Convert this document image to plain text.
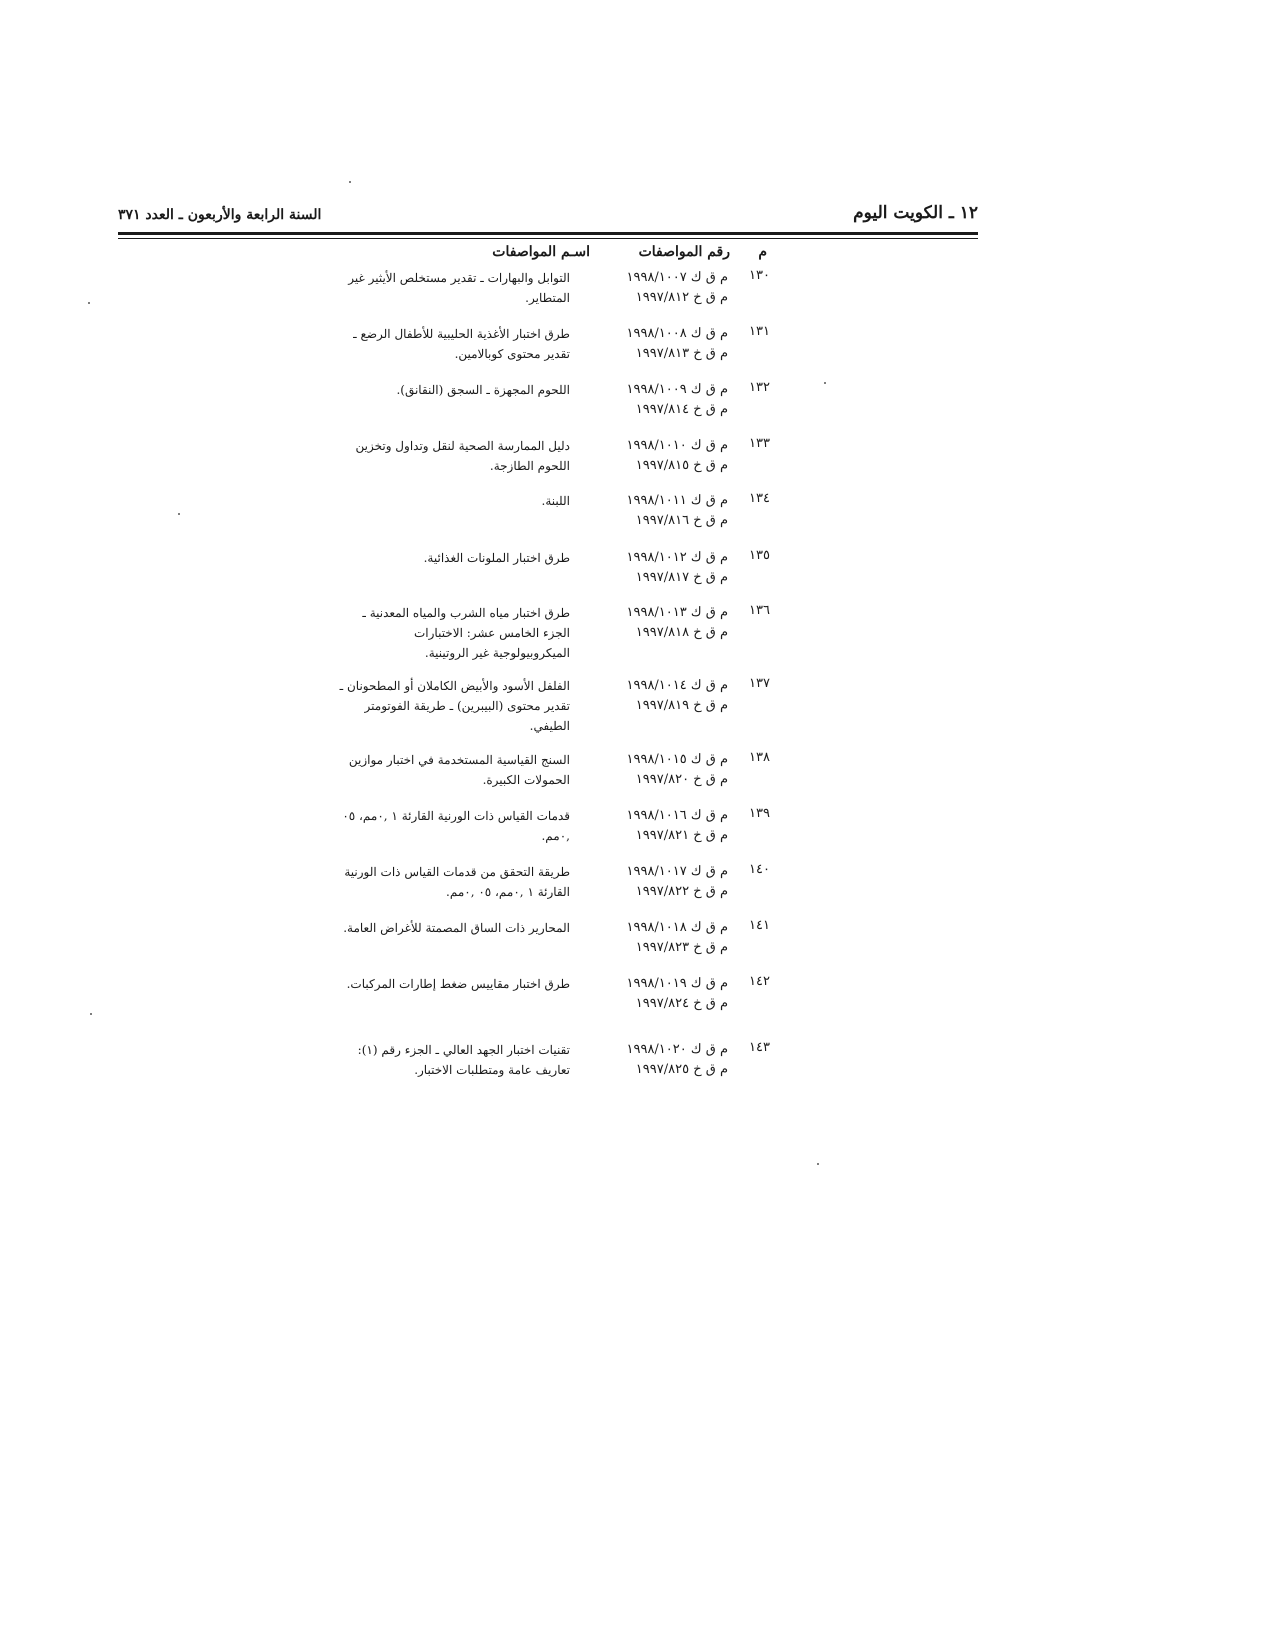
١٢ ـ الكويت اليوم
السنة الرابعة والأربعون ـ العدد ٣٧١
م
رقم المواصفات
اسـم المواصفات
١٣٠
م ق ك ١٩٩٨/١٠٠٧
م ق خ ١٩٩٧/٨١٢
التوابل والبهارات ـ تقدير مستخلص الأيثير غير المتطاير.
١٣١
م ق ك ١٩٩٨/١٠٠٨
م ق خ ١٩٩٧/٨١٣
طرق اختبار الأغذية الحليبية للأطفال الرضع ـ تقدير محتوى كوبالامين.
١٣٢
م ق ك ١٩٩٨/١٠٠٩
م ق خ ١٩٩٧/٨١٤
اللحوم المجهزة ـ السجق (النقانق).
١٣٣
م ق ك ١٩٩٨/١٠١٠
م ق خ ١٩٩٧/٨١٥
دليل الممارسة الصحية لنقل وتداول وتخزين اللحوم الطازجة.
١٣٤
م ق ك ١٩٩٨/١٠١١
م ق خ ١٩٩٧/٨١٦
اللبنة.
١٣٥
م ق ك ١٩٩٨/١٠١٢
م ق خ ١٩٩٧/٨١٧
طرق اختبار الملونات الغذائية.
١٣٦
م ق ك ١٩٩٨/١٠١٣
م ق خ ١٩٩٧/٨١٨
طرق اختبار مياه الشرب والمياه المعدنية ـ الجزء الخامس عشر: الاختبارات الميكروبيولوجية غير الروتينية.
١٣٧
م ق ك ١٩٩٨/١٠١٤
م ق خ ١٩٩٧/٨١٩
الفلفل الأسود والأبيض الكاملان أو المطحونان ـ تقدير محتوى (البيبرين) ـ طريقة الفوتومتر الطيفي.
١٣٨
م ق ك ١٩٩٨/١٠١٥
م ق خ ١٩٩٧/٨٢٠
السنج القياسية المستخدمة في اختبار موازين الحمولات الكبيرة.
١٣٩
م ق ك ١٩٩٨/١٠١٦
م ق خ ١٩٩٧/٨٢١
قدمات القياس ذات الورنية القارئة ١ ,٠مم، ٠٥ ,٠مم.
١٤٠
م ق ك ١٩٩٨/١٠١٧
م ق خ ١٩٩٧/٨٢٢
طريقة التحقق من قدمات القياس ذات الورنية القارئة ١ ,٠مم، ٠٥ ,٠مم.
١٤١
م ق ك ١٩٩٨/١٠١٨
م ق خ ١٩٩٧/٨٢٣
المحارير ذات الساق المصمتة للأغراض العامة.
١٤٢
م ق ك ١٩٩٨/١٠١٩
م ق خ ١٩٩٧/٨٢٤
طرق اختبار مقاييس ضغط إطارات المركبات.
١٤٣
م ق ك ١٩٩٨/١٠٢٠
م ق خ ١٩٩٧/٨٢٥
تقنيات اختبار الجهد العالي ـ الجزء رقم (١): تعاريف عامة ومتطلبات الاختبار.
